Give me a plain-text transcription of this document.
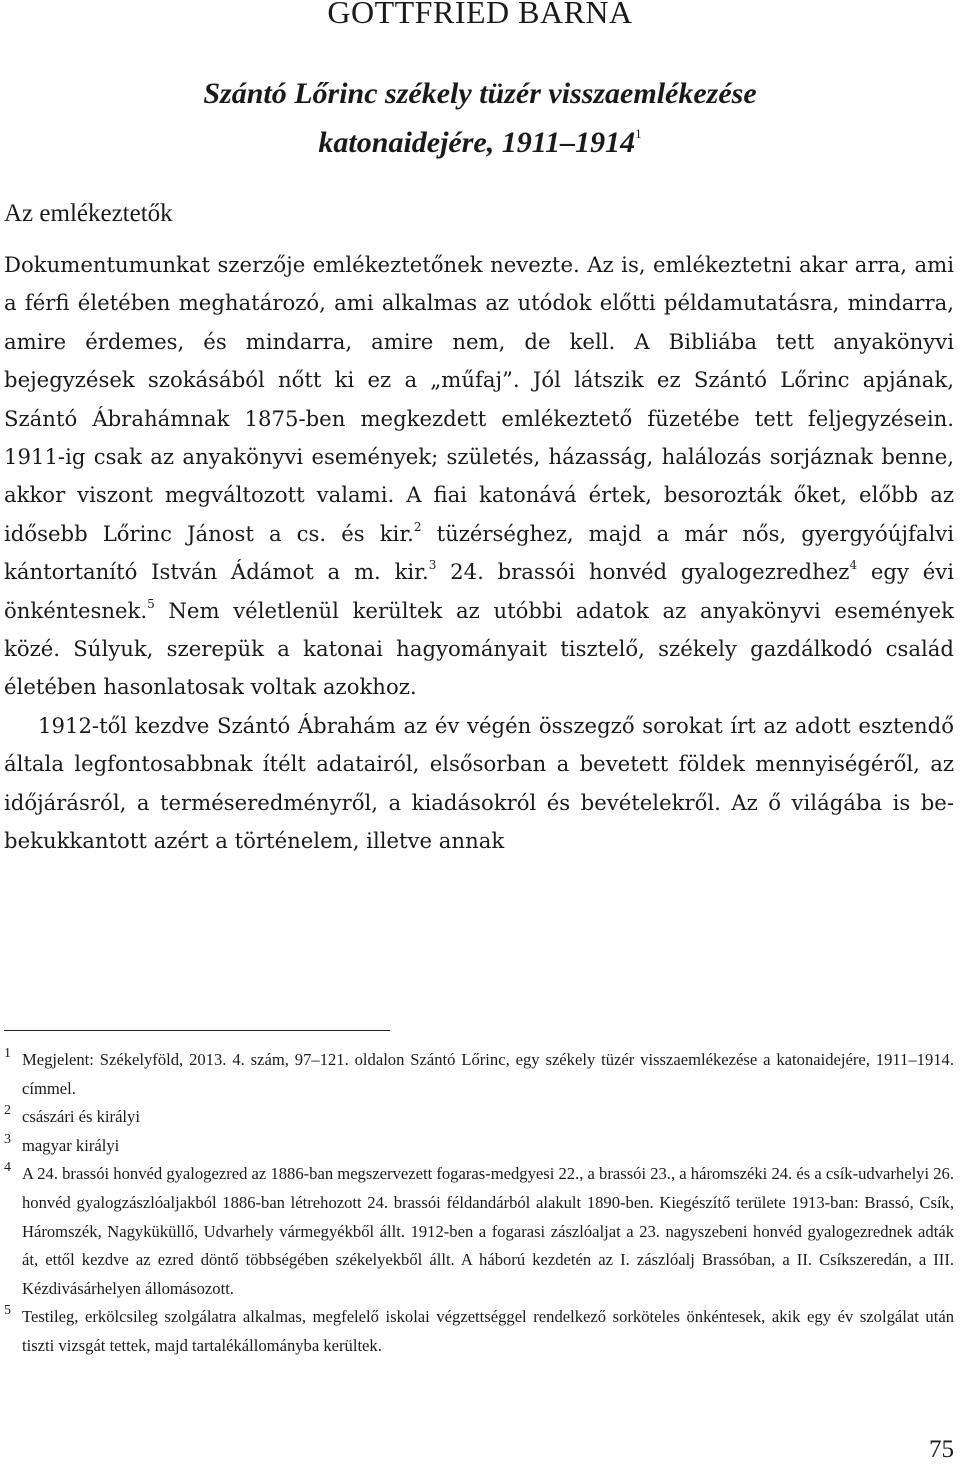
GOTTFRIED BARNA
Szántó Lőrinc székely tüzér visszaemlékezése
katonaidejére, 1911–1914$^1$
Az emlékeztetők

Dokumentumunkat szerzője emlékeztetőnek nevezte. Az is, emlékeztetni akar arra, ami a férfi életében meghatározó, ami alkalmas az utódok előtti példamutatásra, mindarra, amire érdemes, és mindarra, amire nem, de kell. A Bibliába tett anyakönyvi bejegyzések szokásából nőtt ki ez a „műfaj”. Jól látszik ez Szántó Lőrinc apjának, Szántó Ábrahámnak 1875-ben megkezdett emlékeztető füzetébe tett feljegyzésein. 1911-ig csak az anyakönyvi események; születés, házasság, halálozás sorjáznak benne, akkor viszont megváltozott valami. A fiai katonává értek, besorozták őket, előbb az idősebb Lőrinc Jánost a cs. és kir.$^2$ tüzérséghez, majd a már nős, gyergyóújfalvi kántortanító István Ádámot a m. kir.$^3$ 24. brassói honvéd gyalogezredhez$^4$ egy évi önkéntesnek.$^5$ Nem véletlenül kerültek az utóbbi adatok az anyakönyvi események közé. Súlyuk, szerepük a katonai hagyományait tisztelő, székely gazdálkodó család életében hasonlatosak voltak azokhoz.

1912-től kezdve Szántó Ábrahám az év végén összegző sorokat írt az adott esztendő általa legfontosabbnak ítélt adatairól, elsősorban a bevetett földek mennyiségéről, az időjárásról, a terméseredményről, a kiadásokról és bevételekről. Az ő világába is be-bekukkantott azért a történelem, illetve annak

1 Megjelent: Székelyföld, 2013. 4. szám, 97–121. oldalon Szántó Lőrinc, egy székely tüzér visszaemlékezése a katonaidejére, 1911–1914. címmel.

2 császári és királyi

3 magyar királyi

4 A 24. brassói honvéd gyalogezred az 1886-ban megszervezett fogaras-medgyesi 22., a brassói 23., a háromszéki 24. és a csík-udvarhelyi 26. honvéd gyalogzászlóaljakból 1886-ban létrehozott 24. brassói féldandárból alakult 1890-ben. Kiegészítő területe 1913-ban: Brassó, Csík, Háromszék, Nagyküküllő, Udvarhely vármegyékből állt. 1912-ben a fogarasi zászlóaljat a 23. nagyszebeni honvéd gyalogezrednek adták át, ettől kezdve az ezred döntő többségében székelyekből állt. A háború kezdetén az I. zászlóalj Brassóban, a II. Csíkszeredán, a III. Kézdivásárhelyen állomásozott.

5 Testileg, erkölcsileg szolgálatra alkalmas, megfelelő iskolai végzettséggel rendelkező sorköteles önkéntesek, akik egy év szolgálat után tiszti vizsgát tettek, majd tartalékállományba kerültek.

75
